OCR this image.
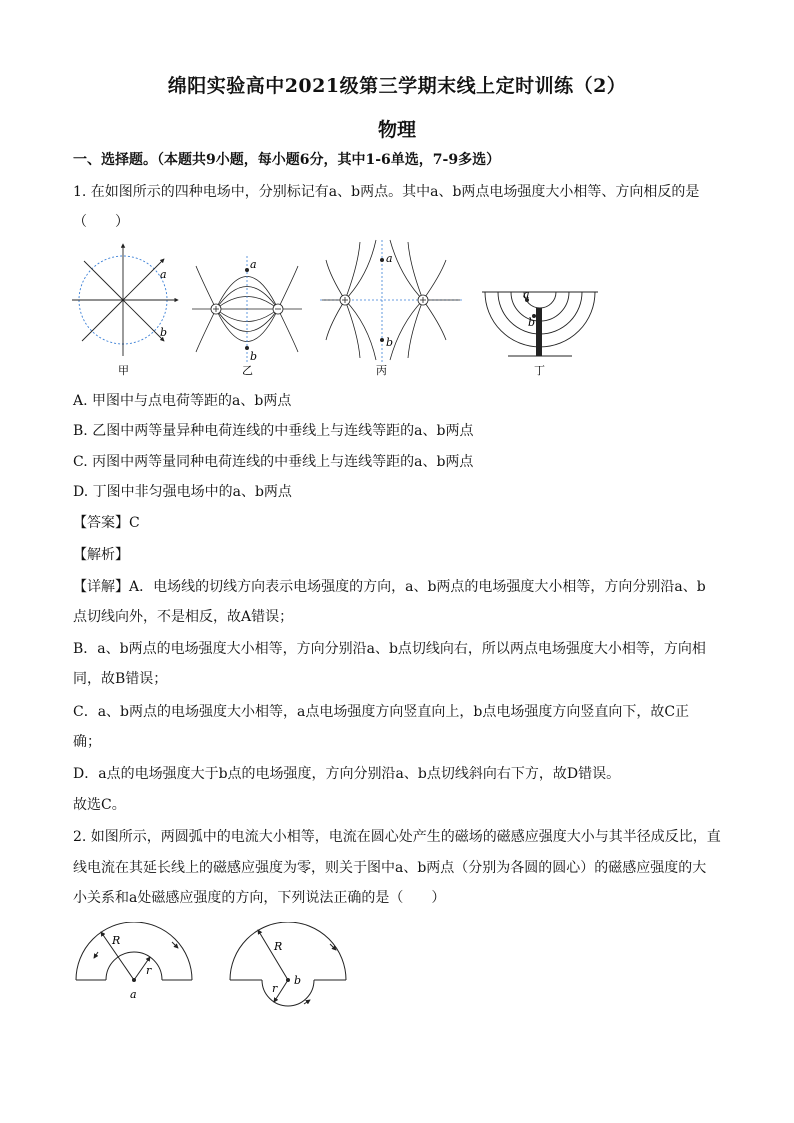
绵阳实验高中2021级第三学期末线上定时训练（2）
物理
一、选择题。（本题共9小题，每小题6分，其中1-6单选，7-9多选）
1. 在如图所示的四种电场中，分别标记有a、b两点。其中a、b两点电场强度大小相等、方向相反的是
（　　）
a
b
甲
a
b
乙
a
b
丙
a
b
丁
A. 甲图中与点电荷等距的a、b两点
B. 乙图中两等量异种电荷连线的中垂线上与连线等距的a、b两点
C. 丙图中两等量同种电荷连线的中垂线上与连线等距的a、b两点
D. 丁图中非匀强电场中的a、b两点
【答案】C
【解析】
【详解】A．电场线的切线方向表示电场强度的方向，a、b两点的电场强度大小相等，方向分别沿a、b
点切线向外，不是相反，故A错误；
B．a、b两点的电场强度大小相等，方向分别沿a、b点切线向右，所以两点电场强度大小相等，方向相
同，故B错误；
C．a、b两点的电场强度大小相等，a点电场强度方向竖直向上，b点电场强度方向竖直向下，故C正
确；
D．a点的电场强度大于b点的电场强度，方向分别沿a、b点切线斜向右下方，故D错误。
故选C。
2. 如图所示，两圆弧中的电流大小相等，电流在圆心处产生的磁场的磁感应强度大小与其半径成反比，直
线电流在其延长线上的磁感应强度为零，则关于图中a、b两点（分别为各圆的圆心）的磁感应强度的大
小关系和a处磁感应强度的方向，下列说法正确的是（　　）
R
r
a
R
r
b
